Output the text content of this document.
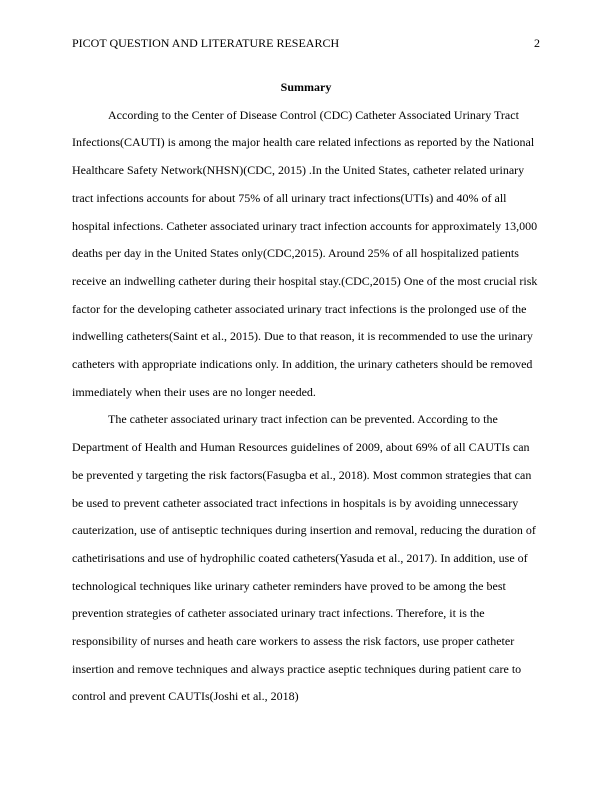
PICOT QUESTION AND LITERATURE RESEARCH	2

Summary

According to the Center of Disease Control (CDC) Catheter Associated Urinary Tract
Infections(CAUTI) is among the major health care related infections as reported by the National
Healthcare Safety Network(NHSN)(CDC, 2015) .In the United States, catheter related urinary
tract infections accounts for about 75% of all urinary tract infections(UTIs) and 40% of all
hospital infections. Catheter associated urinary tract infection accounts for approximately 13,000
deaths per day in the United States only(CDC,2015). Around 25% of all hospitalized patients
receive an indwelling catheter during their hospital stay.(CDC,2015) One of the most crucial risk
factor for the developing catheter associated urinary tract infections is the prolonged use of the
indwelling catheters(Saint et al., 2015). Due to that reason, it is recommended to use the urinary
catheters with appropriate indications only. In addition, the urinary catheters should be removed
immediately when their uses are no longer needed.

The catheter associated urinary tract infection can be prevented. According to the
Department of Health and Human Resources guidelines of 2009, about 69% of all CAUTIs can
be prevented y targeting the risk factors(Fasugba et al., 2018). Most common strategies that can
be used to prevent catheter associated tract infections in hospitals is by avoiding unnecessary
cauterization, use of antiseptic techniques during insertion and removal, reducing the duration of
cathetirisations and use of hydrophilic coated catheters(Yasuda et al., 2017). In addition, use of
technological techniques like urinary catheter reminders have proved to be among the best
prevention strategies of catheter associated urinary tract infections. Therefore, it is the
responsibility of nurses and heath care workers to assess the risk factors, use proper catheter
insertion and remove techniques and always practice aseptic techniques during patient care to
control and prevent CAUTIs(Joshi et al., 2018)
